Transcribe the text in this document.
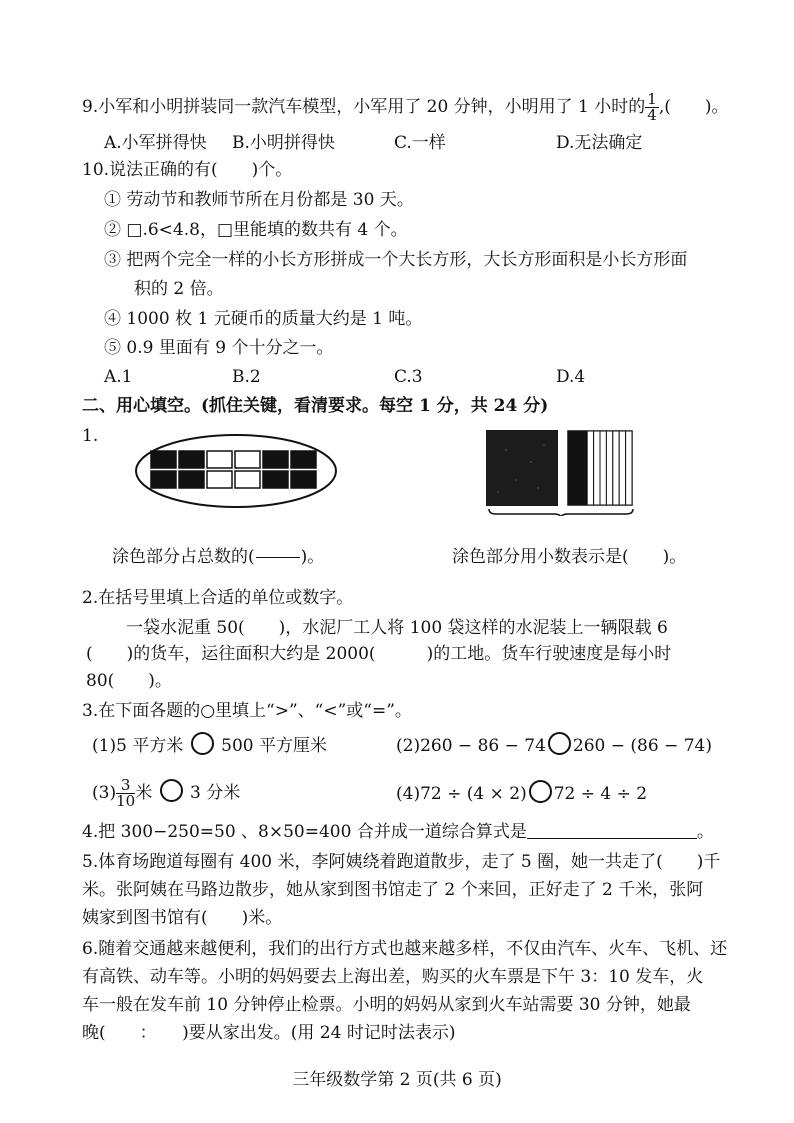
9.小军和小明拼装同一款汽车模型，小军用了 20 分钟，小明用了 1 小时的 $\frac{1}{4}$ ,(　　)。
A.小军拼得快 B.小明拼得快	C.一样	D.无法确定
10.说法正确的有(　　)个。
① 劳动节和教师节所在月份都是 30 天。
② □.6<4.8，□里能填的数共有 4 个。
③ 把两个完全一样的小长方形拼成一个大长方形，大长方形面积是小长方形面
积的 2 倍。
④ 1000 枚 1 元硬币的质量大约是 1 吨。
⑤ 0.9 里面有 9 个十分之一。
A.1	B.2	C.3	D.4
二、用心填空。(抓住关键，看清要求。每空 1 分，共 24 分)
1.
涂色部分占总数的(	)。	涂色部分用小数表示是(　　)。
2.在括号里填上合适的单位或数字。
一袋水泥重 50(　　)，水泥厂工人将 100 袋这样的水泥装上一辆限载 6
(　　)的货车，运往面积大约是 2000(　　　)的工地。货车行驶速度是每小时
80(　　)。
3.在下面各题的○里填上“>”、“<”或“=”。
(1)5 平方米 500 平方厘米	(2)260 − 86 − 74 260 − (86 − 74)
$(3) \frac{3}{10}$ 米 3 分米	(4)72 ÷ (4 × 2) 72 ÷ 4 ÷ 2
4.把 300−250=50 、8×50=400 合并成一道综合算式是	。
5.体育场跑道每圈有 400 米，李阿姨绕着跑道散步，走了 5 圈，她一共走了(　　)千
米。张阿姨在马路边散步，她从家到图书馆走了 2 个来回，正好走了 2 千米，张阿
姨家到图书馆有(　　)米。
6.随着交通越来越便利，我们的出行方式也越来越多样，不仅由汽车、火车、飞机、还
有高铁、动车等。小明的妈妈要去上海出差，购买的火车票是下午 3：10 发车，火
车一般在发车前 10 分钟停止检票。小明的妈妈从家到火车站需要 30 分钟，她最
晚(　　：　　)要从家出发。(用 24 时记时法表示)
三年级数学第 2 页(共 6 页)
